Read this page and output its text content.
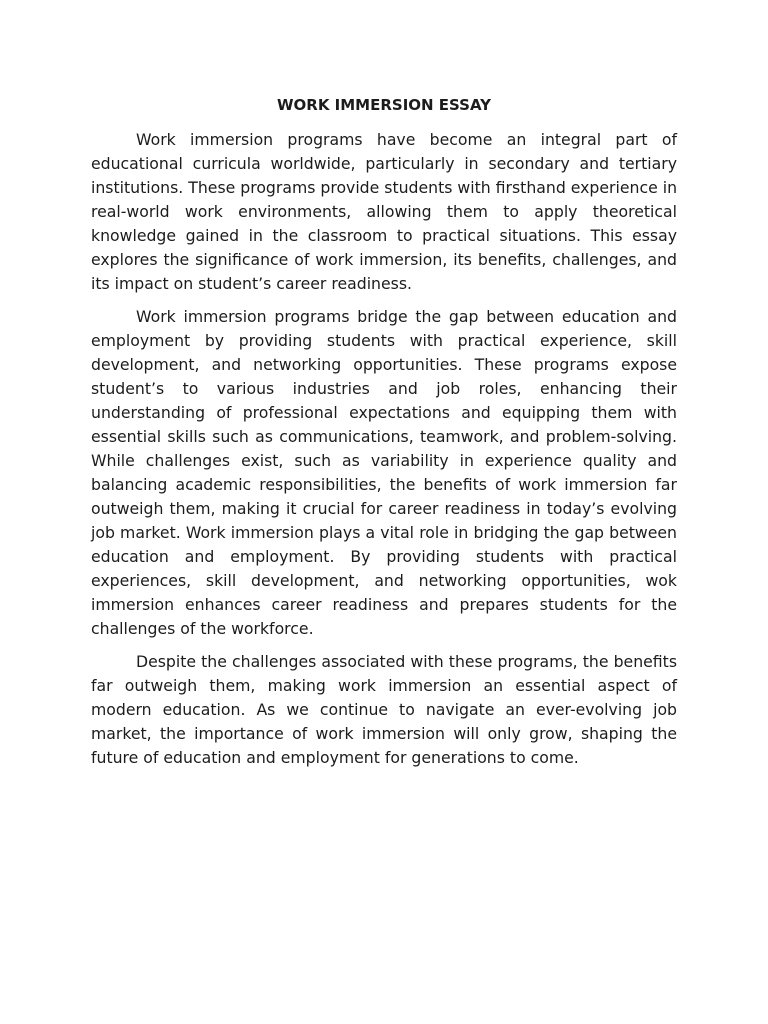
WORK IMMERSION ESSAY

Work immersion programs have become an integral part of educational curricula worldwide, particularly in secondary and tertiary institutions. These programs provide students with firsthand experience in real-world work environments, allowing them to apply theoretical knowledge gained in the classroom to practical situations. This essay explores the significance of work immersion, its benefits, challenges, and its impact on student’s career readiness.

Work immersion programs bridge the gap between education and employment by providing students with practical experience, skill development, and networking opportunities. These programs expose student’s to various industries and job roles, enhancing their understanding of professional expectations and equipping them with essential skills such as communications, teamwork, and problem-solving. While challenges exist, such as variability in experience quality and balancing academic responsibilities, the benefits of work immersion far outweigh them, making it crucial for career readiness in today’s evolving job market. Work immersion plays a vital role in bridging the gap between education and employment. By providing students with practical experiences, skill development, and networking opportunities, wok immersion enhances career readiness and prepares students for the challenges of the workforce.

Despite the challenges associated with these programs, the benefits far outweigh them, making work immersion an essential aspect of modern education. As we continue to navigate an ever-evolving job market, the importance of work immersion will only grow, shaping the future of education and employment for generations to come.
